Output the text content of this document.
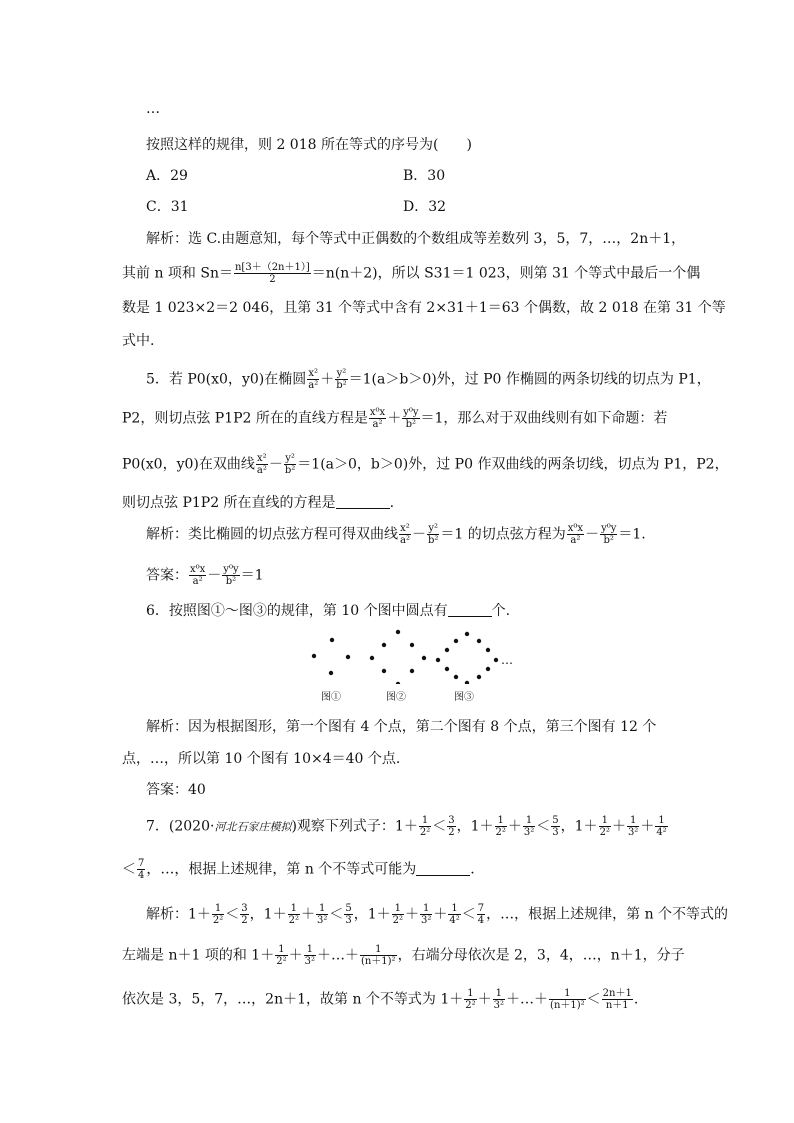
…
按照这样的规律，则 2 018 所在等式的序号为(　　)
A．29	B．30
C．31	D．32
解析：选 C.由题意知，每个等式中正偶数的个数组成等差数列 3，5，7，…，2n＋1，
其前 n 项和 $Sn= \frac{n[3+(2n+1)]}{2} =n(n+2)$，所以 S31＝1 023，则第 31 个等式中最后一个偶
数是 1 023×2＝2 046，且第 31 个等式中含有 2×31＋1＝63 个偶数，故 2 018 在第 31 个等
式中.
5．若 P0(x0，y0)在椭圆 $\frac{\text{x²}}{\text{a²}} + \frac{\text{y²}}{\text{b²}} =1(a>b>0)$外，过 P0 作椭圆的两条切线的切点为 P1，
P2，则切点弦 P1P2 所在的直线方程是 $\frac{\text{x⁰x}}{\text{a²}} + \frac{\text{y⁰y}}{\text{b²}} =1$，那么对于双曲线则有如下命题：若
P0(x0，y0)在双曲线 $\frac{\text{x²}}{\text{a²}} - \frac{\text{y²}}{\text{b²}} =1(a>0$，b＞0)外，过 P0 作双曲线的两条切线，切点为 P1，P2，
则切点弦 P1P2 所在直线的方程是	.
解析：类比椭圆的切点弦方程可得双曲线 $\frac{\text{x²}}{\text{a²}} - \frac{\text{y²}}{\text{b²}} =1$ 的切点弦方程为 $\frac{\text{x⁰x}}{\text{a²}} - \frac{\text{y⁰y}}{\text{b²}} =1$.
答案： $\frac{\text{x⁰x}}{\text{a²}} - \frac{\text{y⁰y}}{\text{b²}} =1$
6．按照图①～图③的规律，第 10 个图中圆点有	个.
…
图①	图②	图③
解析：因为根据图形，第一个图有 4 个点，第二个图有 8 个点，第三个图有 12 个
点，…，所以第 10 个图有 10×4＝40 个点.
答案：40
7．(2020·河北石家庄模拟)观察下列式子：$1+ \frac{1}{\text{2²}} < \frac{3}{2}$ ，$1+ \frac{1}{\text{2²}} + \frac{1}{\text{3²}} < \frac{5}{3}$ ，$1+ \frac{1}{\text{2²}} + \frac{1}{\text{3²}} + \frac{1}{\text{4²}}$
＜ $\frac{7}{4}$ ，…，根据上述规律，第 n 个不等式可能为	.
解析：$1+ \frac{1}{\text{2²}} < \frac{3}{2}$ ，$1+ \frac{1}{\text{2²}} + \frac{1}{\text{3²}} < \frac{5}{3}$ ，$1+ \frac{1}{\text{2²}} + \frac{1}{\text{3²}} + \frac{1}{\text{4²}} < \frac{7}{4}$ ，…，根据上述规律，第 n 个不等式的
左端是 n＋1 项的和 $1+ \frac{1}{\text{2²}} + \frac{1}{\text{3²}}$ ＋…＋ $\frac{1}{\text{(n＋1)²}}$ ，右端分母依次是 2，3，4，…，n＋1，分子
依次是 3，5，7，…，2n＋1，故第 n 个不等式为 $1+ \frac{1}{\text{2²}} + \frac{1}{\text{3²}}$ ＋…＋ $\frac{1}{\text{(n＋1)²}} < \frac{2n+1}{n+1}$ .
